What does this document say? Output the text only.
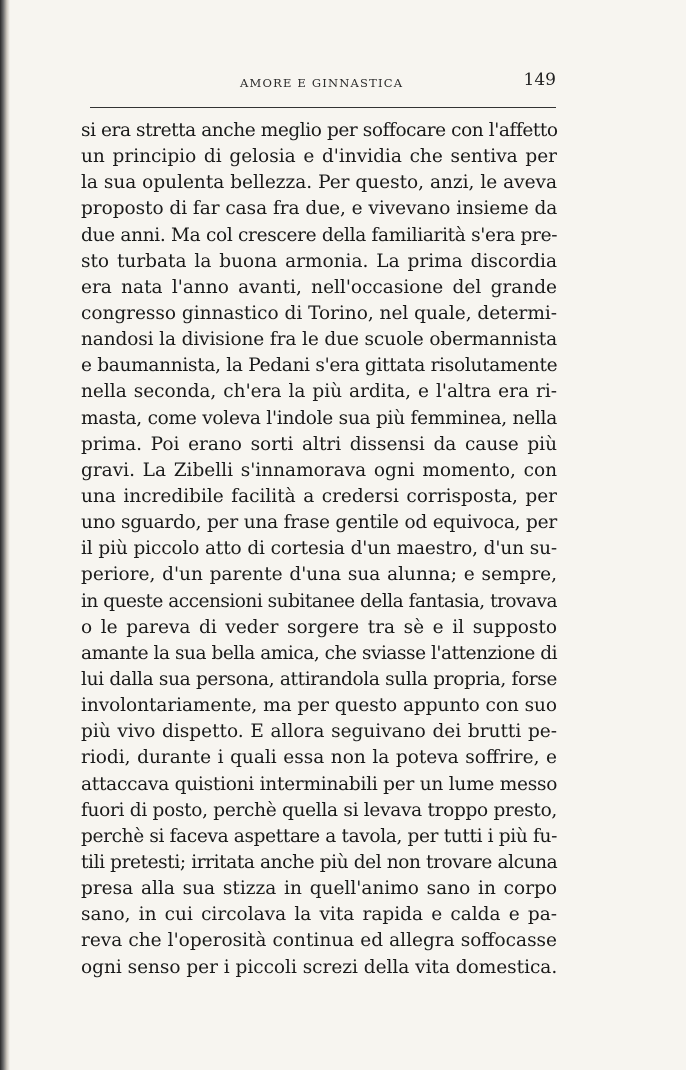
AMORE E GINNASTICA	149
si era stretta anche meglio per soffocare con l'affetto
un principio di gelosia e d'invidia che sentiva per
la sua opulenta bellezza. Per questo, anzi, le aveva
proposto di far casa fra due, e vivevano insieme da
due anni. Ma col crescere della familiarità s'era pre-
sto turbata la buona armonia. La prima discordia
era nata l'anno avanti, nell'occasione del grande
congresso ginnastico di Torino, nel quale, determi-
nandosi la divisione fra le due scuole obermannista
e baumannista, la Pedani s'era gittata risolutamente
nella seconda, ch'era la più ardita, e l'altra era ri-
masta, come voleva l'indole sua più femminea, nella
prima. Poi erano sorti altri dissensi da cause più
gravi. La Zibelli s'innamorava ogni momento, con
una incredibile facilità a credersi corrisposta, per
uno sguardo, per una frase gentile od equivoca, per
il più piccolo atto di cortesia d'un maestro, d'un su-
periore, d'un parente d'una sua alunna; e sempre,
in queste accensioni subitanee della fantasia, trovava
o le pareva di veder sorgere tra sè e il supposto
amante la sua bella amica, che sviasse l'attenzione di
lui dalla sua persona, attirandola sulla propria, forse
involontariamente, ma per questo appunto con suo
più vivo dispetto. E allora seguivano dei brutti pe-
riodi, durante i quali essa non la poteva soffrire, e
attaccava quistioni interminabili per un lume messo
fuori di posto, perchè quella si levava troppo presto,
perchè si faceva aspettare a tavola, per tutti i più fu-
tili pretesti; irritata anche più del non trovare alcuna
presa alla sua stizza in quell'animo sano in corpo
sano, in cui circolava la vita rapida e calda e pa-
reva che l'operosità continua ed allegra soffocasse
ogni senso per i piccoli screzi della vita domestica.
